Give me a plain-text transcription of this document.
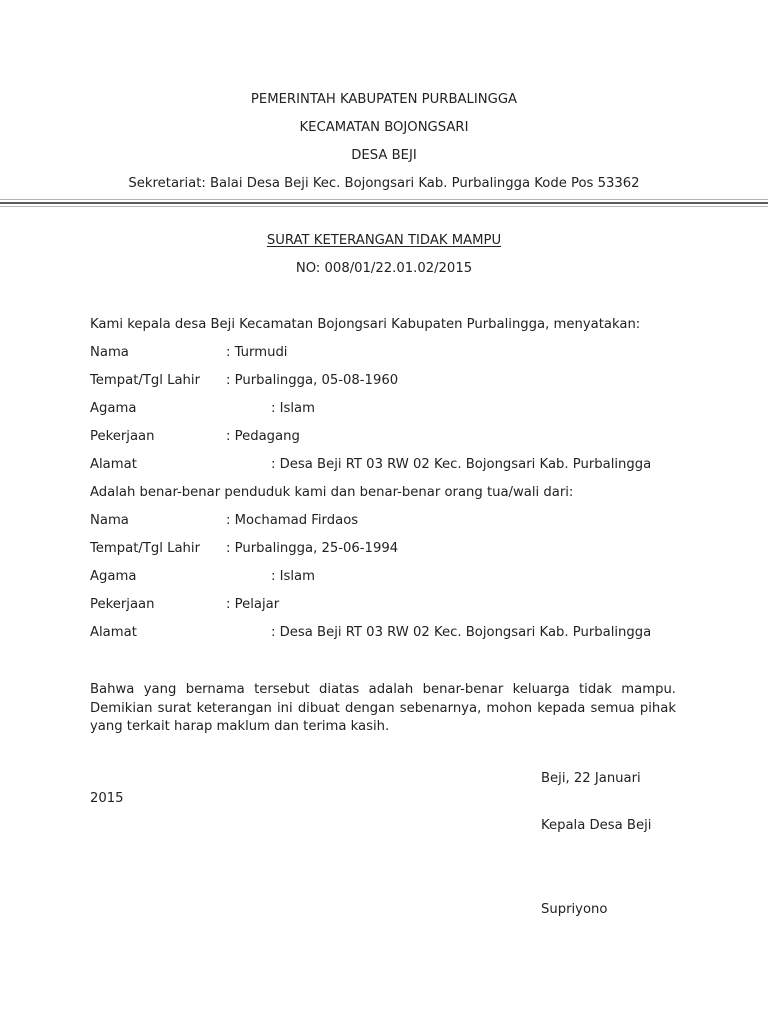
PEMERINTAH KABUPATEN PURBALINGGA
KECAMATAN BOJONGSARI
DESA BEJI
Sekretariat: Balai Desa Beji Kec. Bojongsari Kab. Purbalingga Kode Pos 53362
SURAT KETERANGAN TIDAK MAMPU
NO: 008/01/22.01.02/2015
Kami kepala desa Beji Kecamatan Bojongsari Kabupaten Purbalingga, menyatakan:
Nama	: Turmudi
Tempat/Tgl Lahir : Purbalingga, 05-08-1960
Agama	: Islam
Pekerjaan	: Pedagang
Alamat	: Desa Beji RT 03 RW 02 Kec. Bojongsari Kab. Purbalingga
Adalah benar-benar penduduk kami dan benar-benar orang tua/wali dari:
Nama	: Mochamad Firdaos
Tempat/Tgl Lahir : Purbalingga, 25-06-1994
Agama	: Islam
Pekerjaan	: Pelajar
Alamat	: Desa Beji RT 03 RW 02 Kec. Bojongsari Kab. Purbalingga
Bahwa yang bernama tersebut diatas adalah benar-benar keluarga tidak mampu. Demikian surat keterangan ini dibuat dengan sebenarnya, mohon kepada semua pihak yang terkait harap maklum dan terima kasih.
Beji, 22 Januari
2015
Kepala Desa Beji
Supriyono
